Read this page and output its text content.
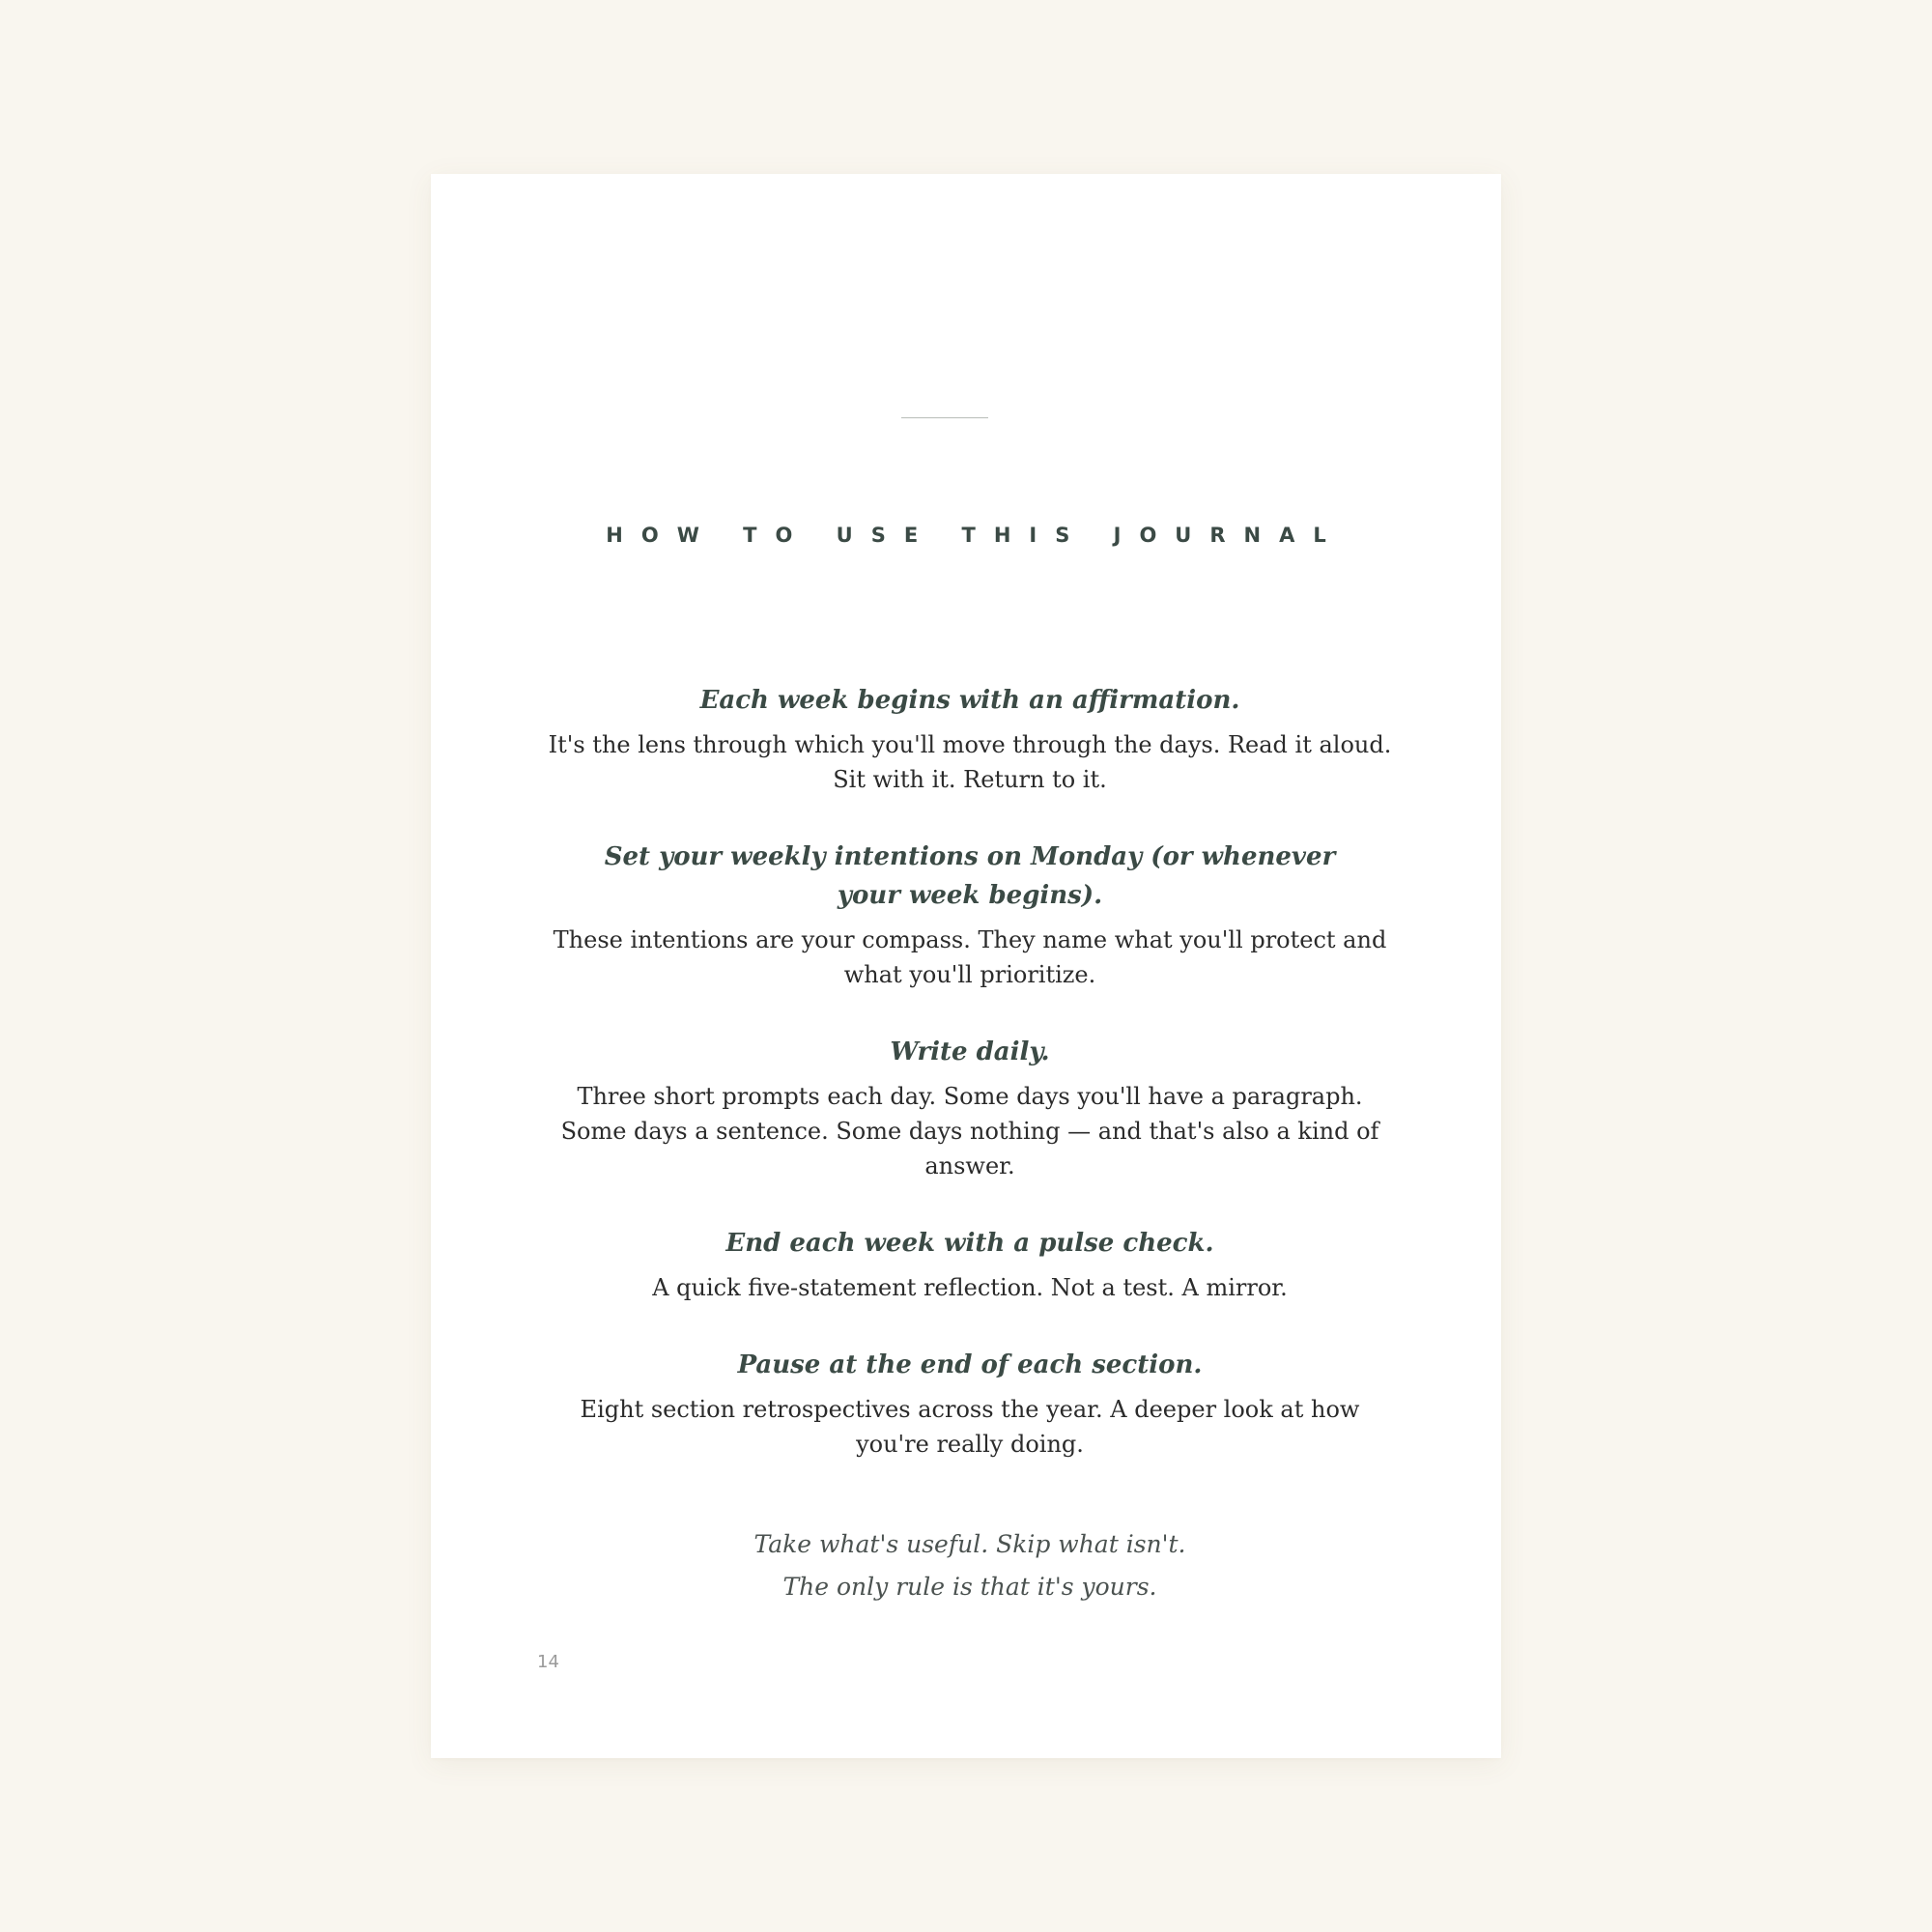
HOW TO USE THIS JOURNAL

Each week begins with an affirmation.

It's the lens through which you'll move through the days. Read it aloud. Sit with it. Return to it.

Set your weekly intentions on Monday (or whenever your week begins).

These intentions are your compass. They name what you'll protect and what you'll prioritize.

Write daily.

Three short prompts each day. Some days you'll have a paragraph. Some days a sentence. Some days nothing — and that's also a kind of answer.

End each week with a pulse check.

A quick five-statement reflection. Not a test. A mirror.

Pause at the end of each section.

Eight section retrospectives across the year. A deeper look at how you're really doing.

Take what's useful. Skip what isn't.

The only rule is that it's yours.

14
